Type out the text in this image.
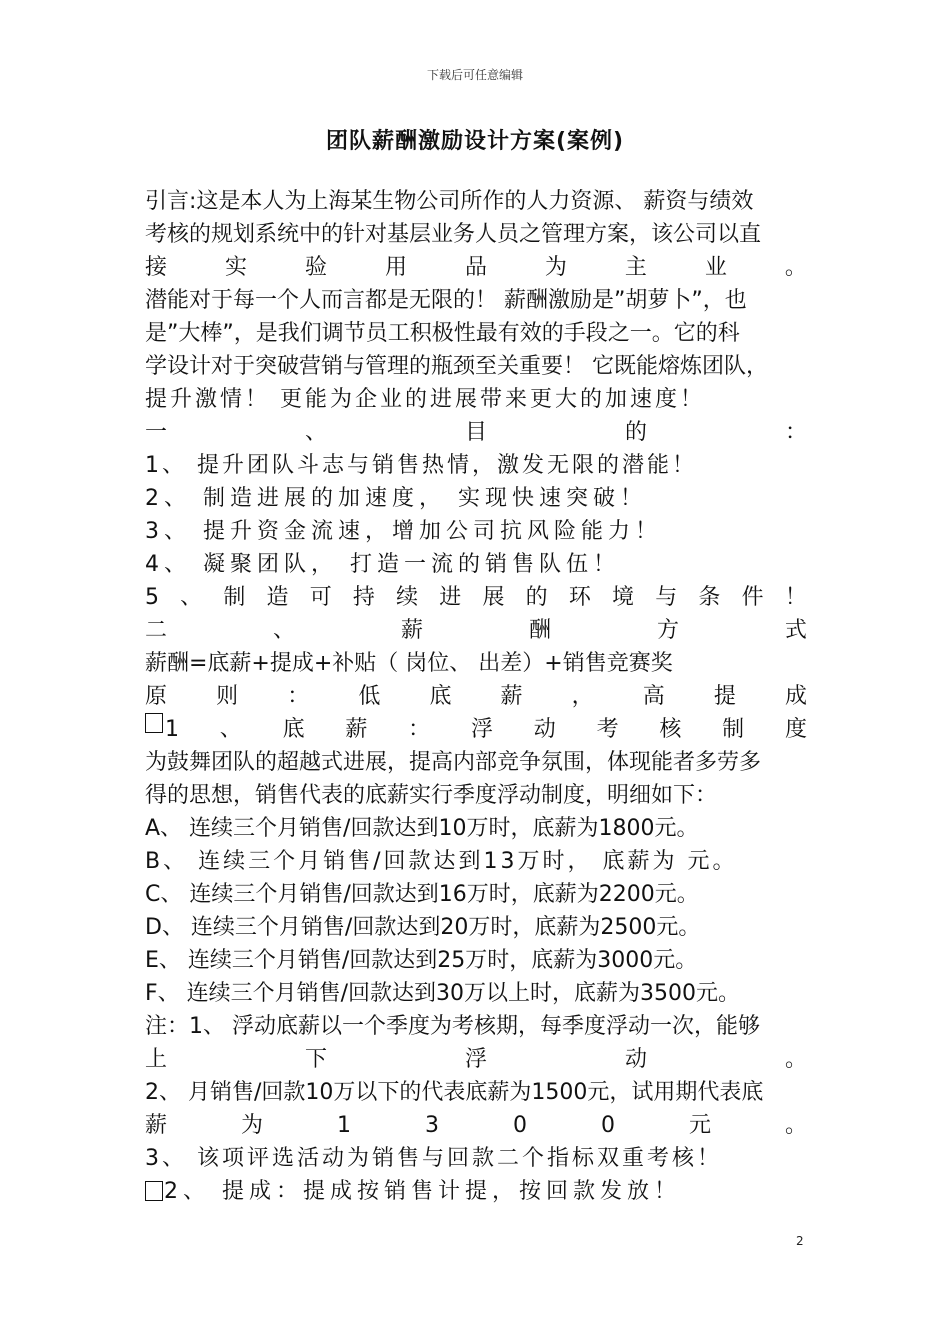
下载后可任意编辑
团队薪酬激励设计方案(案例)
引言:这是本人为上海某生物公司所作的人力资源、 薪资与绩效
考核的规划系统中的针对基层业务人员之管理方案，该公司以直
接	实	验	用	品	为	主	业	。
潜能对于每一个人而言都是无限的！ 薪酬激励是”胡萝卜”，也
是”大棒”，是我们调节员工积极性最有效的手段之一。它的科
学设计对于突破营销与管理的瓶颈至关重要！ 它既能熔炼团队，
提升激情！ 更能为企业的进展带来更大的加速度！
一	、	目	的	：
1、 提升团队斗志与销售热情，激发无限的潜能！
2、 制造进展的加速度， 实现快速突破！
3、 提升资金流速，增加公司抗风险能力！
4、 凝聚团队， 打造一流的销售队伍！
5 、 制 造 可 持 续 进 展 的 环 境 与 条 件 ！
二	、	薪	酬	方	式
薪酬=底薪+提成+补贴（ 岗位、 出差）+销售竞赛奖
原 则 ： 低 底 薪 ， 高 提 成
1 、 底 薪 ： 浮 动 考 核 制 度
为鼓舞团队的超越式进展，提高内部竞争氛围，体现能者多劳多
得的思想，销售代表的底薪实行季度浮动制度，明细如下：
A、 连续三个月销售/回款达到10万时，底薪为1800元。
B、 连续三个月销售/回款达到13万时， 底薪为 元。
C、 连续三个月销售/回款达到16万时，底薪为2200元。
D、 连续三个月销售/回款达到20万时，底薪为2500元。
E、 连续三个月销售/回款达到25万时，底薪为3000元。
F、 连续三个月销售/回款达到30万以上时，底薪为3500元。
注：1、 浮动底薪以一个季度为考核期，每季度浮动一次，能够
上	下	浮	动	。
2、 月销售/回款10万以下的代表底薪为1500元，试用期代表底
薪	为	1	3	0	0	元	。
3、 该项评选活动为销售与回款二个指标双重考核！
2、 提成：提成按销售计提，按回款发放！
2
